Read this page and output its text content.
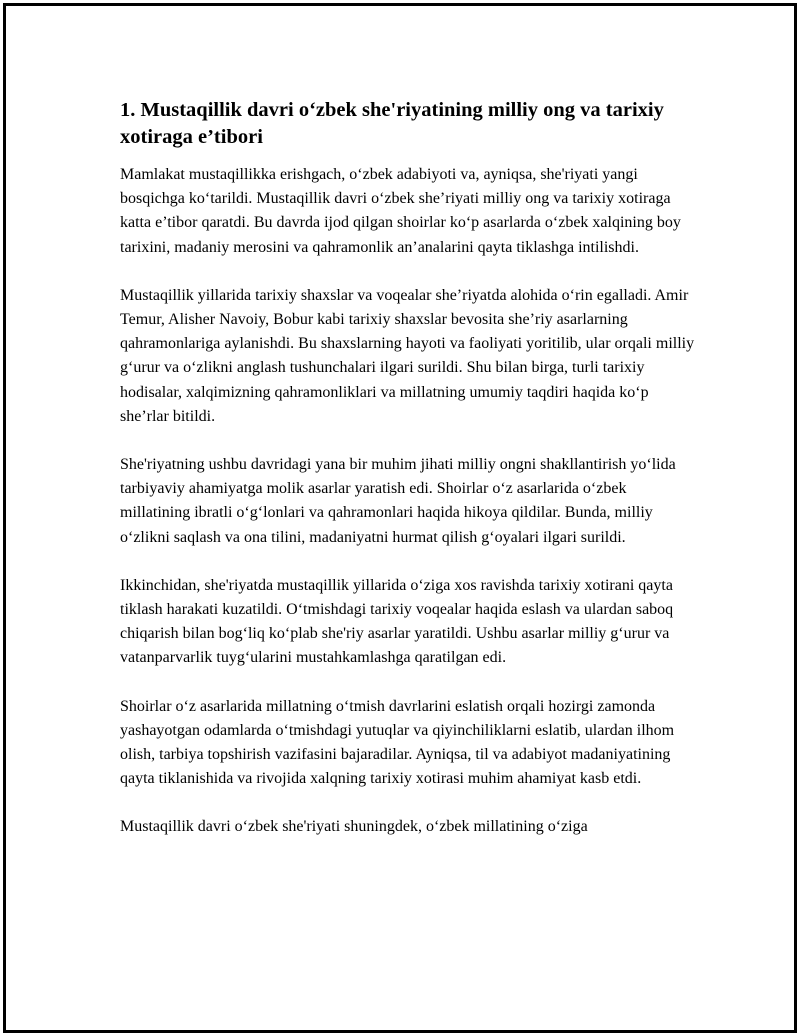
1. Mustaqillik davri o‘zbek she'riyatining milliy ong va tarixiy xotiraga e’tibori

Mamlakat mustaqillikka erishgach, o‘zbek adabiyoti va, ayniqsa, she'riyati yangi bosqichga ko‘tarildi. Mustaqillik davri o‘zbek she’riyati milliy ong va tarixiy xotiraga katta e’tibor qaratdi. Bu davrda ijod qilgan shoirlar ko‘p asarlarda o‘zbek xalqining boy tarixini, madaniy merosini va qahramonlik an’analarini qayta tiklashga intilishdi.

Mustaqillik yillarida tarixiy shaxslar va voqealar she’riyatda alohida o‘rin egalladi. Amir Temur, Alisher Navoiy, Bobur kabi tarixiy shaxslar bevosita she’riy asarlarning qahramonlariga aylanishdi. Bu shaxslarning hayoti va faoliyati yoritilib, ular orqali milliy g‘urur va o‘zlikni anglash tushunchalari ilgari surildi. Shu bilan birga, turli tarixiy hodisalar, xalqimizning qahramonliklari va millatning umumiy taqdiri haqida ko‘p she’rlar bitildi.

She'riyatning ushbu davridagi yana bir muhim jihati milliy ongni shakllantirish yo‘lida tarbiyaviy ahamiyatga molik asarlar yaratish edi. Shoirlar o‘z asarlarida o‘zbek millatining ibratli o‘g‘lonlari va qahramonlari haqida hikoya qildilar. Bunda, milliy o‘zlikni saqlash va ona tilini, madaniyatni hurmat qilish g‘oyalari ilgari surildi.

Ikkinchidan, she'riyatda mustaqillik yillarida o‘ziga xos ravishda tarixiy xotirani qayta tiklash harakati kuzatildi. O‘tmishdagi tarixiy voqealar haqida eslash va ulardan saboq chiqarish bilan bog‘liq ko‘plab she'riy asarlar yaratildi. Ushbu asarlar milliy g‘urur va vatanparvarlik tuyg‘ularini mustahkamlashga qaratilgan edi.

Shoirlar o‘z asarlarida millatning o‘tmish davrlarini eslatish orqali hozirgi zamonda yashayotgan odamlarda o‘tmishdagi yutuqlar va qiyinchiliklarni eslatib, ulardan ilhom olish, tarbiya topshirish vazifasini bajaradilar. Ayniqsa, til va adabiyot madaniyatining qayta tiklanishida va rivojida xalqning tarixiy xotirasi muhim ahamiyat kasb etdi.

Mustaqillik davri o‘zbek she'riyati shuningdek, o‘zbek millatining o‘ziga
